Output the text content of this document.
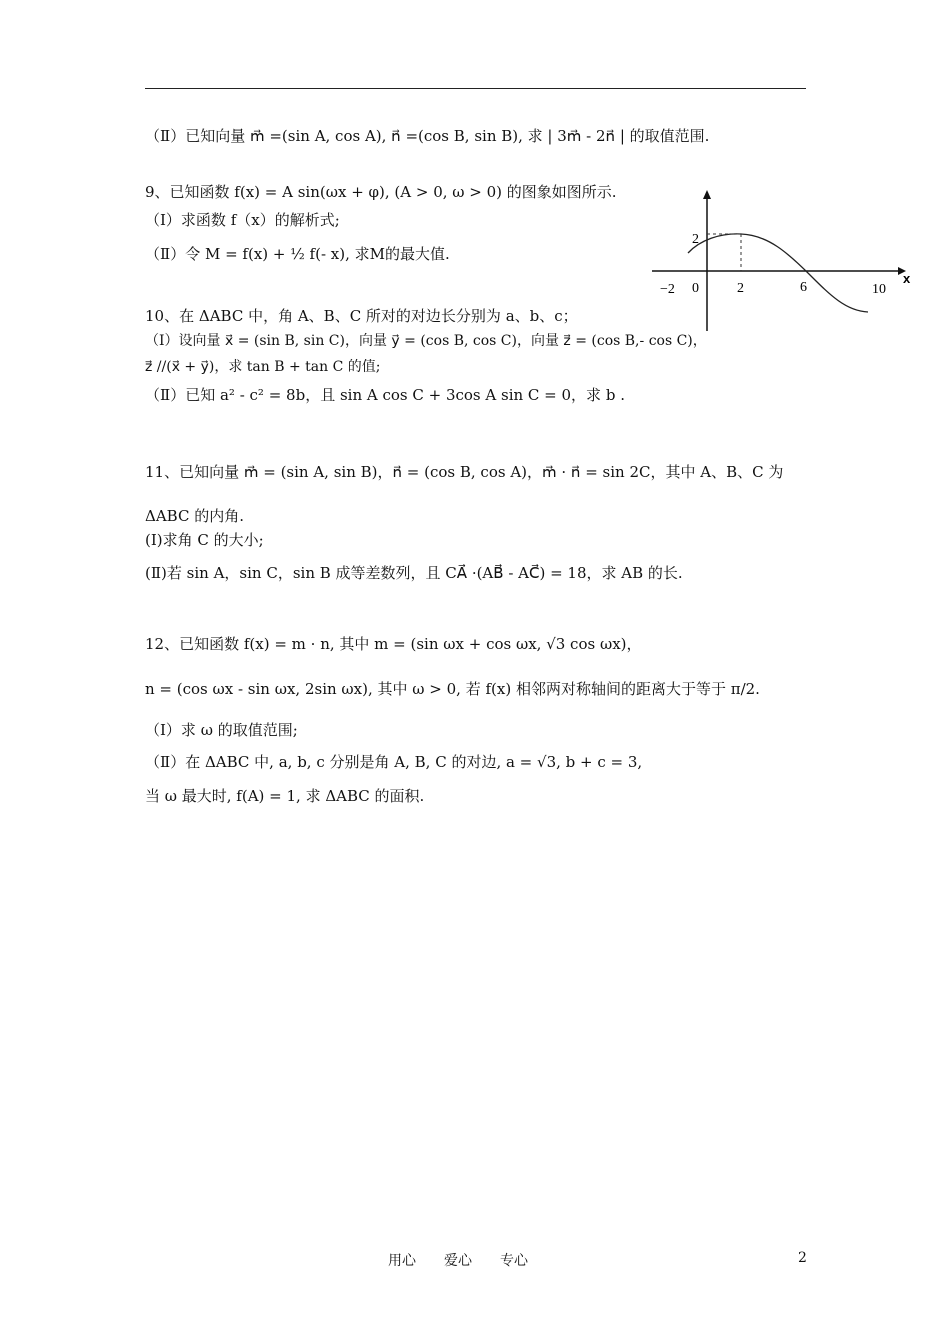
（Ⅱ）已知向量 m⃗ =(sin A, cos A), n⃗ =(cos B, sin B), 求 | 3m⃗ - 2n⃗ | 的取值范围.
9、已知函数 f(x) = A sin(ωx + φ), (A > 0, ω > 0) 的图象如图所示.
（Ⅰ）求函数 f（x）的解析式;
（Ⅱ）令 M = f(x) + ½ f(- x), 求M的最大值.
2
−2 0	2	6	10
x
10、在 ΔABC 中，角 A、B、C 所对的对边长分别为 a、b、c；
（Ⅰ）设向量 x⃗ = (sin B, sin C)，向量 y⃗ = (cos B, cos C)，向量 z⃗ = (cos B,- cos C)，
z⃗ //(x⃗ + y⃗)，求 tan B + tan C 的值;
（Ⅱ）已知 a² - c² = 8b，且 sin A cos C + 3cos A sin C = 0，求 b .
11、已知向量 m⃗ = (sin A, sin B)，n⃗ = (cos B, cos A)，m⃗ · n⃗ = sin 2C，其中 A、B、C 为
ΔABC 的内角.
(Ⅰ)求角 C 的大小;
(Ⅱ)若 sin A，sin C，sin B 成等差数列，且 CA⃗ ·(AB⃗ - AC⃗) = 18，求 AB 的长.
12、已知函数 f(x) = m · n, 其中 m = (sin ωx + cos ωx, √3 cos ωx)，
n = (cos ωx - sin ωx, 2sin ωx), 其中 ω > 0, 若 f(x) 相邻两对称轴间的距离大于等于 π/2.
（Ⅰ）求 ω 的取值范围;
（Ⅱ）在 ΔABC 中, a, b, c 分别是角 A, B, C 的对边, a = √3, b + c = 3,
当 ω 最大时, f(A) = 1, 求 ΔABC 的面积.
用心　　爱心　　专心	2
